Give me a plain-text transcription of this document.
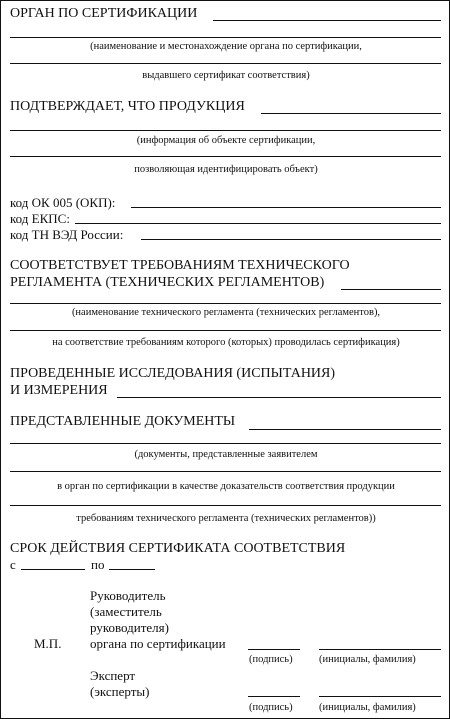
ОРГАН ПО СЕРТИФИКАЦИИ
(наименование и местонахождение органа по сертификации,
выдавшего сертификат соответствия)
ПОДТВЕРЖДАЕТ, ЧТО ПРОДУКЦИЯ
(информация об объекте сертификации,
позволяющая идентифицировать объект)
код ОК 005 (ОКП):
код ЕКПС:
код ТН ВЭД России:
СООТВЕТСТВУЕТ ТРЕБОВАНИЯМ ТЕХНИЧЕСКОГО
РЕГЛАМЕНТА (ТЕХНИЧЕСКИХ РЕГЛАМЕНТОВ)
(наименование технического регламента (технических регламентов),
на соответствие требованиям которого (которых) проводилась сертификация)
ПРОВЕДЕННЫЕ ИССЛЕДОВАНИЯ (ИСПЫТАНИЯ)
И ИЗМЕРЕНИЯ
ПРЕДСТАВЛЕННЫЕ ДОКУМЕНТЫ
(документы, представленные заявителем
в орган по сертификации в качестве доказательств соответствия продукции
требованиям технического регламента (технических регламентов))
СРОК ДЕЙСТВИЯ СЕРТИФИКАТА СООТВЕТСТВИЯ
с	по
Руководитель
(заместитель
руководителя)
органа по сертификации
М.П.
(подпись)	(инициалы, фамилия)
Эксперт
(эксперты)
(подпись)	(инициалы, фамилия)
